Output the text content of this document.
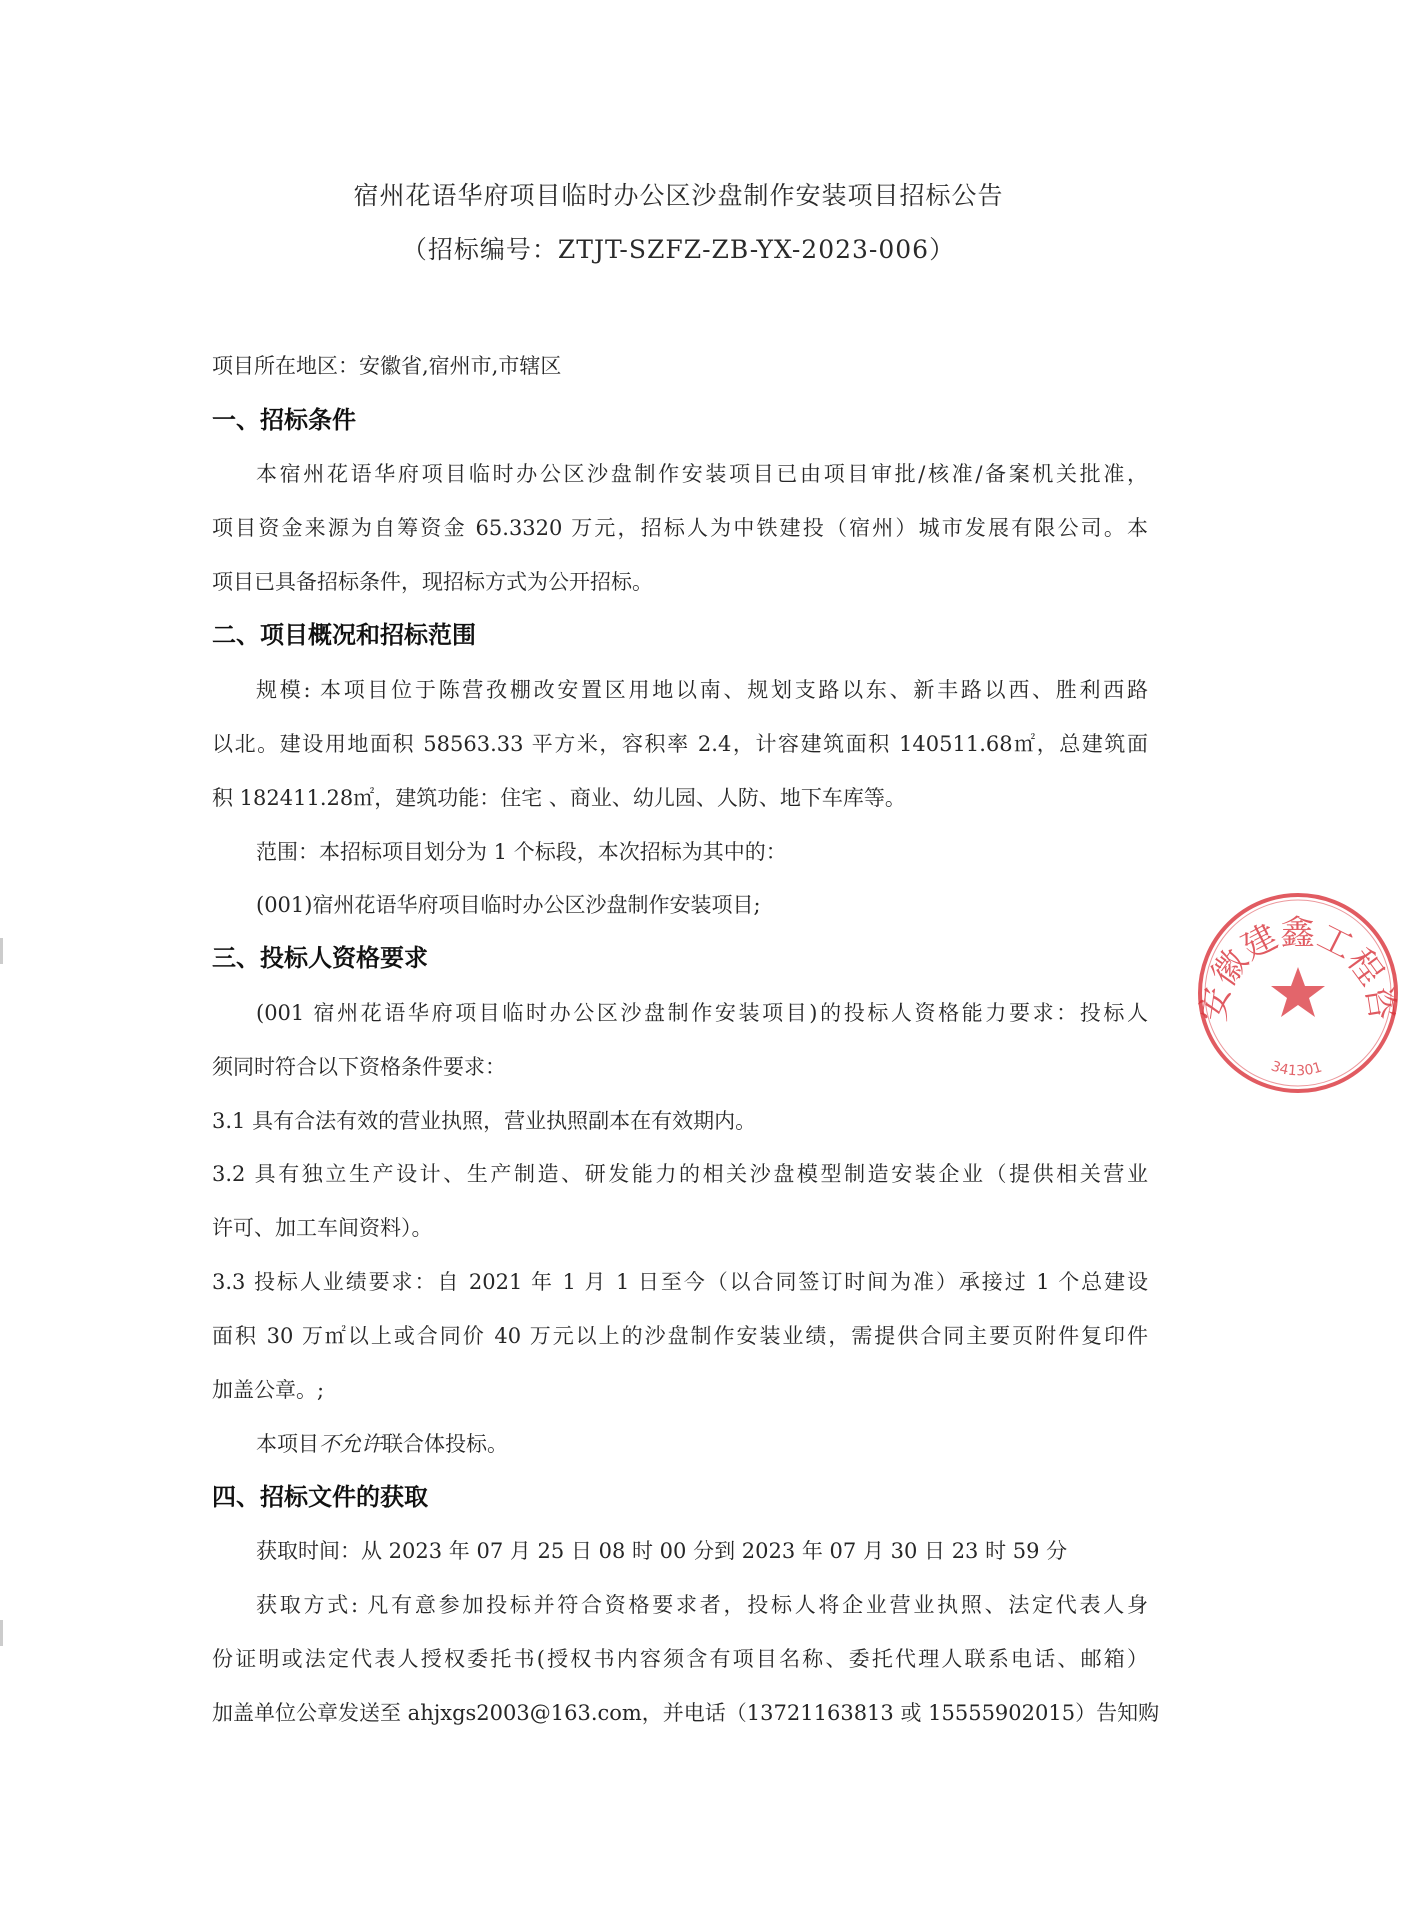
宿州花语华府项目临时办公区沙盘制作安装项目招标公告
（招标编号：ZTJT-SZFZ-ZB-YX-2023-006）
项目所在地区：安徽省,宿州市,市辖区
一、招标条件
本宿州花语华府项目临时办公区沙盘制作安装项目已由项目审批/核准/备案机关批准，
项目资金来源为自筹资金 65.3320 万元，招标人为中铁建投（宿州）城市发展有限公司。本
项目已具备招标条件，现招标方式为公开招标。
二、项目概况和招标范围
规模: 本项目位于陈营孜棚改安置区用地以南、规划支路以东、新丰路以西、胜利西路
以北。建设用地面积 58563.33 平方米，容积率 2.4，计容建筑面积 140511.68㎡，总建筑面
积 182411.28㎡，建筑功能：住宅 、商业、幼儿园、人防、地下车库等。
范围：本招标项目划分为 1 个标段，本次招标为其中的：
(001)宿州花语华府项目临时办公区沙盘制作安装项目;
三、投标人资格要求
(001 宿州花语华府项目临时办公区沙盘制作安装项目)的投标人资格能力要求：投标人
须同时符合以下资格条件要求：
3.1 具有合法有效的营业执照，营业执照副本在有效期内。
3.2 具有独立生产设计、生产制造、研发能力的相关沙盘模型制造安装企业（提供相关营业
许可、加工车间资料）。
3.3 投标人业绩要求：自 2021 年 1 月 1 日至今（以合同签订时间为准）承接过 1 个总建设
面积 30 万㎡以上或合同价 40 万元以上的沙盘制作安装业绩，需提供合同主要页附件复印件
加盖公章。;
本项目不允许联合体投标。
四、招标文件的获取
获取时间：从 2023 年 07 月 25 日 08 时 00 分到 2023 年 07 月 30 日 23 时 59 分
获取方式: 凡有意参加投标并符合资格要求者，投标人将企业营业执照、法定代表人身
份证明或法定代表人授权委托书(授权书内容须含有项目名称、委托代理人联系电话、邮箱）
加盖单位公章发送至 ahjxgs2003@163.com，并电话（13721163813 或 15555902015）告知购
安徽建鑫工程咨
341301
